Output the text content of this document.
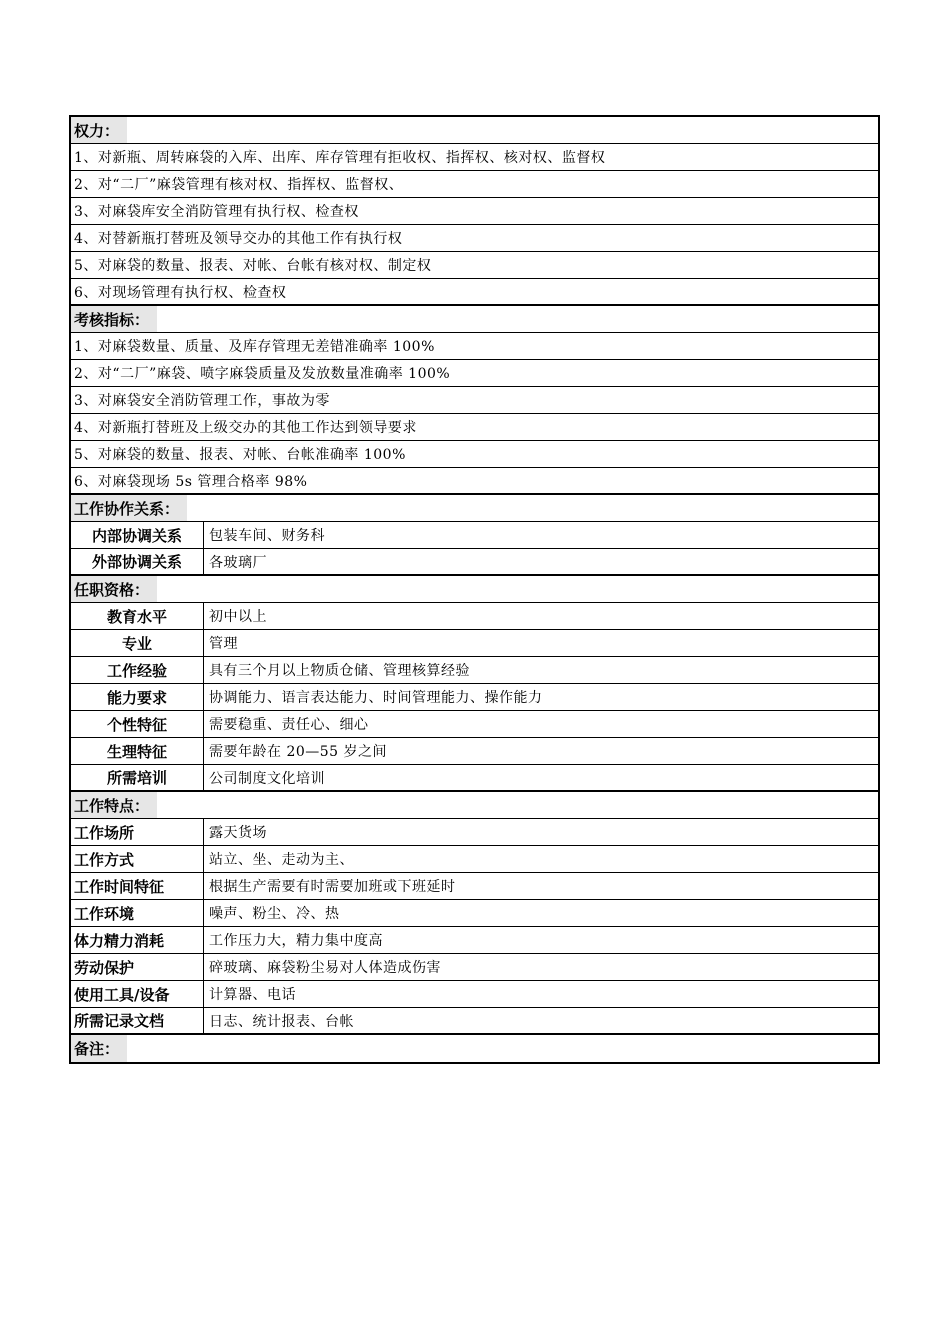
权力：
1、对新瓶、周转麻袋的入库、出库、库存管理有拒收权、指挥权、核对权、监督权
2、对“二厂”麻袋管理有核对权、指挥权、监督权、
3、对麻袋库安全消防管理有执行权、检查权
4、对替新瓶打替班及领导交办的其他工作有执行权
5、对麻袋的数量、报表、对帐、台帐有核对权、制定权
6、对现场管理有执行权、检查权
考核指标：
1、对麻袋数量、质量、及库存管理无差错准确率 100%
2、对“二厂”麻袋、喷字麻袋质量及发放数量准确率 100%
3、对麻袋安全消防管理工作，事故为零
4、对新瓶打替班及上级交办的其他工作达到领导要求
5、对麻袋的数量、报表、对帐、台帐准确率 100%
6、对麻袋现场 5s 管理合格率 98%
工作协作关系：
内部协调关系	包装车间、财务科
外部协调关系	各玻璃厂
任职资格：
教育水平	初中以上
专业	管理
工作经验	具有三个月以上物质仓储、管理核算经验
能力要求	协调能力、语言表达能力、时间管理能力、操作能力
个性特征	需要稳重、责任心、细心
生理特征	需要年龄在 20—55 岁之间
所需培训	公司制度文化培训
工作特点：
工作场所	露天货场
工作方式	站立、坐、走动为主、
工作时间特征	根据生产需要有时需要加班或下班延时
工作环境	噪声、粉尘、冷、热
体力精力消耗	工作压力大，精力集中度高
劳动保护	碎玻璃、麻袋粉尘易对人体造成伤害
使用工具/设备	计算器、电话
所需记录文档	日志、统计报表、台帐
备注：
